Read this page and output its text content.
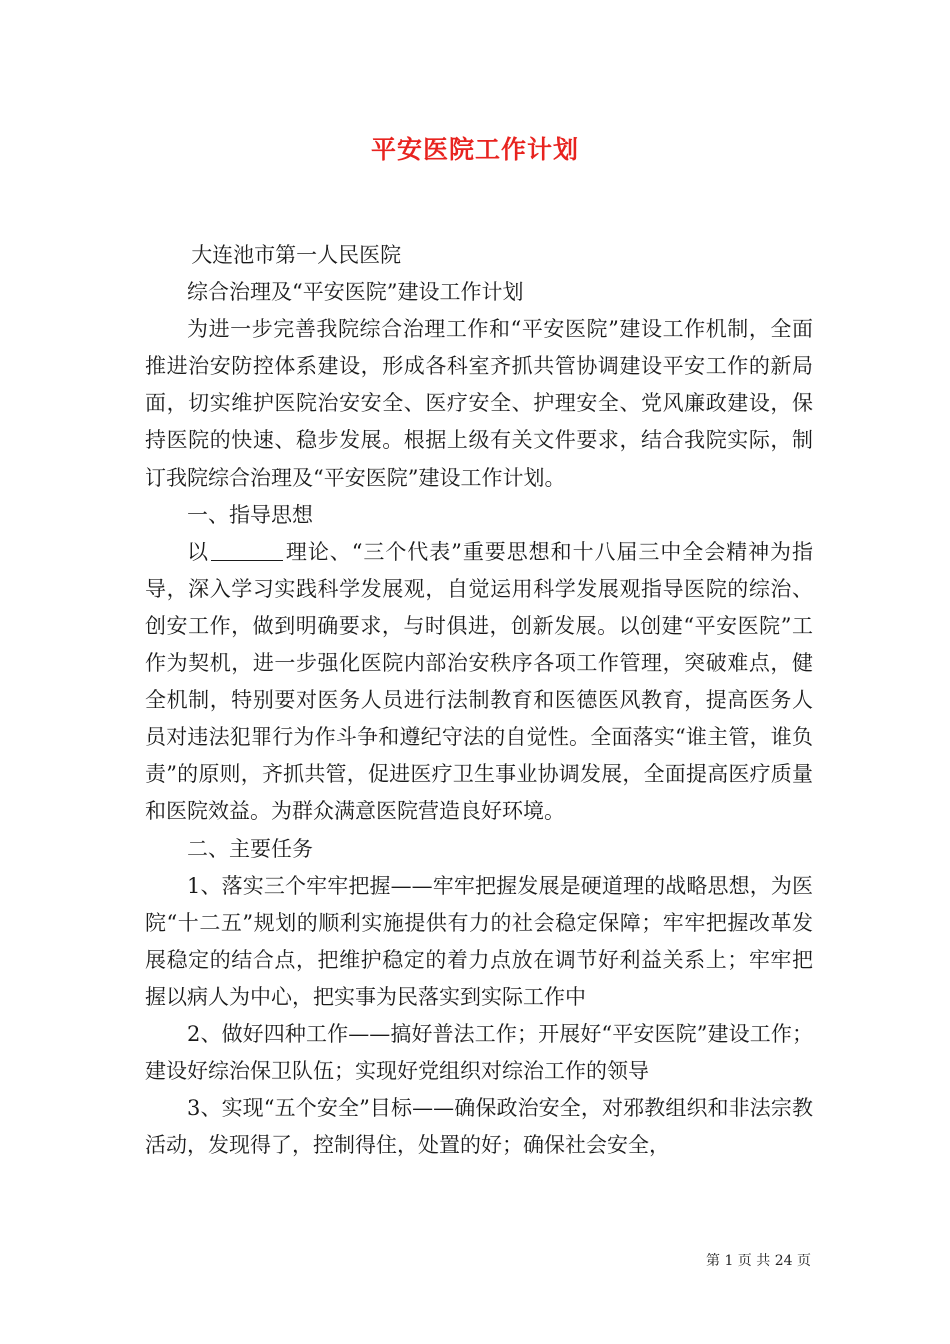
平安医院工作计划

大连池市第一人民医院

综合治理及“平安医院”建设工作计划

为进一步完善我院综合治理工作和“平安医院”建设工作机制，全面推进治安防控体系建设，形成各科室齐抓共管协调建设平安工作的新局面，切实维护医院治安安全、医疗安全、护理安全、党风廉政建设，保持医院的快速、稳步发展。根据上级有关文件要求，结合我院实际，制订我院综合治理及“平安医院”建设工作计划。

一、指导思想

以	理论、“三个代表”重要思想和十八届三中全会精神为指导，深入学习实践科学发展观，自觉运用科学发展观指导医院的综治、创安工作，做到明确要求，与时俱进，创新发展。以创建“平安医院”工作为契机，进一步强化医院内部治安秩序各项工作管理，突破难点，健全机制，特别要对医务人员进行法制教育和医德医风教育，提高医务人员对违法犯罪行为作斗争和遵纪守法的自觉性。全面落实“谁主管，谁负责”的原则，齐抓共管，促进医疗卫生事业协调发展，全面提高医疗质量和医院效益。为群众满意医院营造良好环境。

二、主要任务

1、落实三个牢牢把握——牢牢把握发展是硬道理的战略思想，为医院“十二五”规划的顺利实施提供有力的社会稳定保障；牢牢把握改革发展稳定的结合点，把维护稳定的着力点放在调节好利益关系上；牢牢把握以病人为中心，把实事为民落实到实际工作中

2、做好四种工作——搞好普法工作；开展好“平安医院”建设工作；建设好综治保卫队伍；实现好党组织对综治工作的领导

3、实现“五个安全”目标——确保政治安全，对邪教组织和非法宗教活动，发现得了，控制得住，处置的好；确保社会安全，

第 1 页 共 24 页
